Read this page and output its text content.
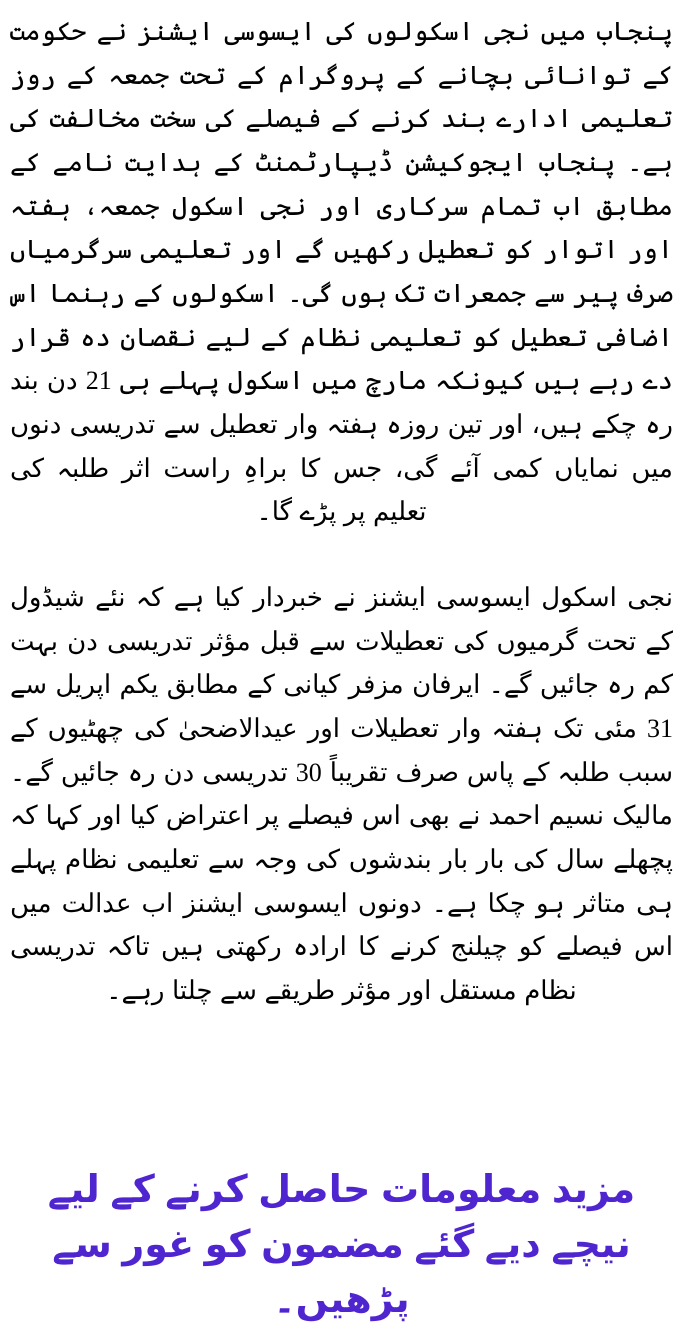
پنجاب میں نجی اسکولوں کی ایسوسی ایشنز نے حکومت کے توانائی بچانے کے پروگرام کے تحت جمعہ کے روز تعلیمی ادارے بند کرنے کے فیصلے کی سخت مخالفت کی ہے۔ پنجاب ایجوکیشن ڈیپارٹمنٹ کے ہدایت نامے کے مطابق اب تمام سرکاری اور نجی اسکول جمعہ، ہفتہ اور اتوار کو تعطیل رکھیں گے اور تعلیمی سرگرمیاں صرف پیر سے جمعرات تک ہوں گی۔ اسکولوں کے رہنما اس اضافی تعطیل کو تعلیمی نظام کے لیے نقصان دہ قرار دے رہے ہیں کیونکہ مارچ میں اسکول پہلے ہی 21 دن بند رہ چکے ہیں، اور تین روزہ ہفتہ وار تعطیل سے تدریسی دنوں میں نمایاں کمی آئے گی، جس کا براہِ راست اثر طلبہ کی تعلیم پر پڑے گا۔

نجی اسکول ایسوسی ایشنز نے خبردار کیا ہے کہ نئے شیڈول کے تحت گرمیوں کی تعطیلات سے قبل مؤثر تدریسی دن بہت کم رہ جائیں گے۔ ایرفان مزفر کیانی کے مطابق یکم اپریل سے 31 مئی تک ہفتہ وار تعطیلات اور عیدالاضحیٰ کی چھٹیوں کے سبب طلبہ کے پاس صرف تقریباً 30 تدریسی دن رہ جائیں گے۔ مالیک نسیم احمد نے بھی اس فیصلے پر اعتراض کیا اور کہا کہ پچھلے سال کی بار بار بندشوں کی وجہ سے تعلیمی نظام پہلے ہی متاثر ہو چکا ہے۔ دونوں ایسوسی ایشنز اب عدالت میں اس فیصلے کو چیلنج کرنے کا ارادہ رکھتی ہیں تاکہ تدریسی نظام مستقل اور مؤثر طریقے سے چلتا رہے۔

مزید معلومات حاصل کرنے کے لیے نیچے دیے گئے مضمون کو غور سے پڑھیں۔
